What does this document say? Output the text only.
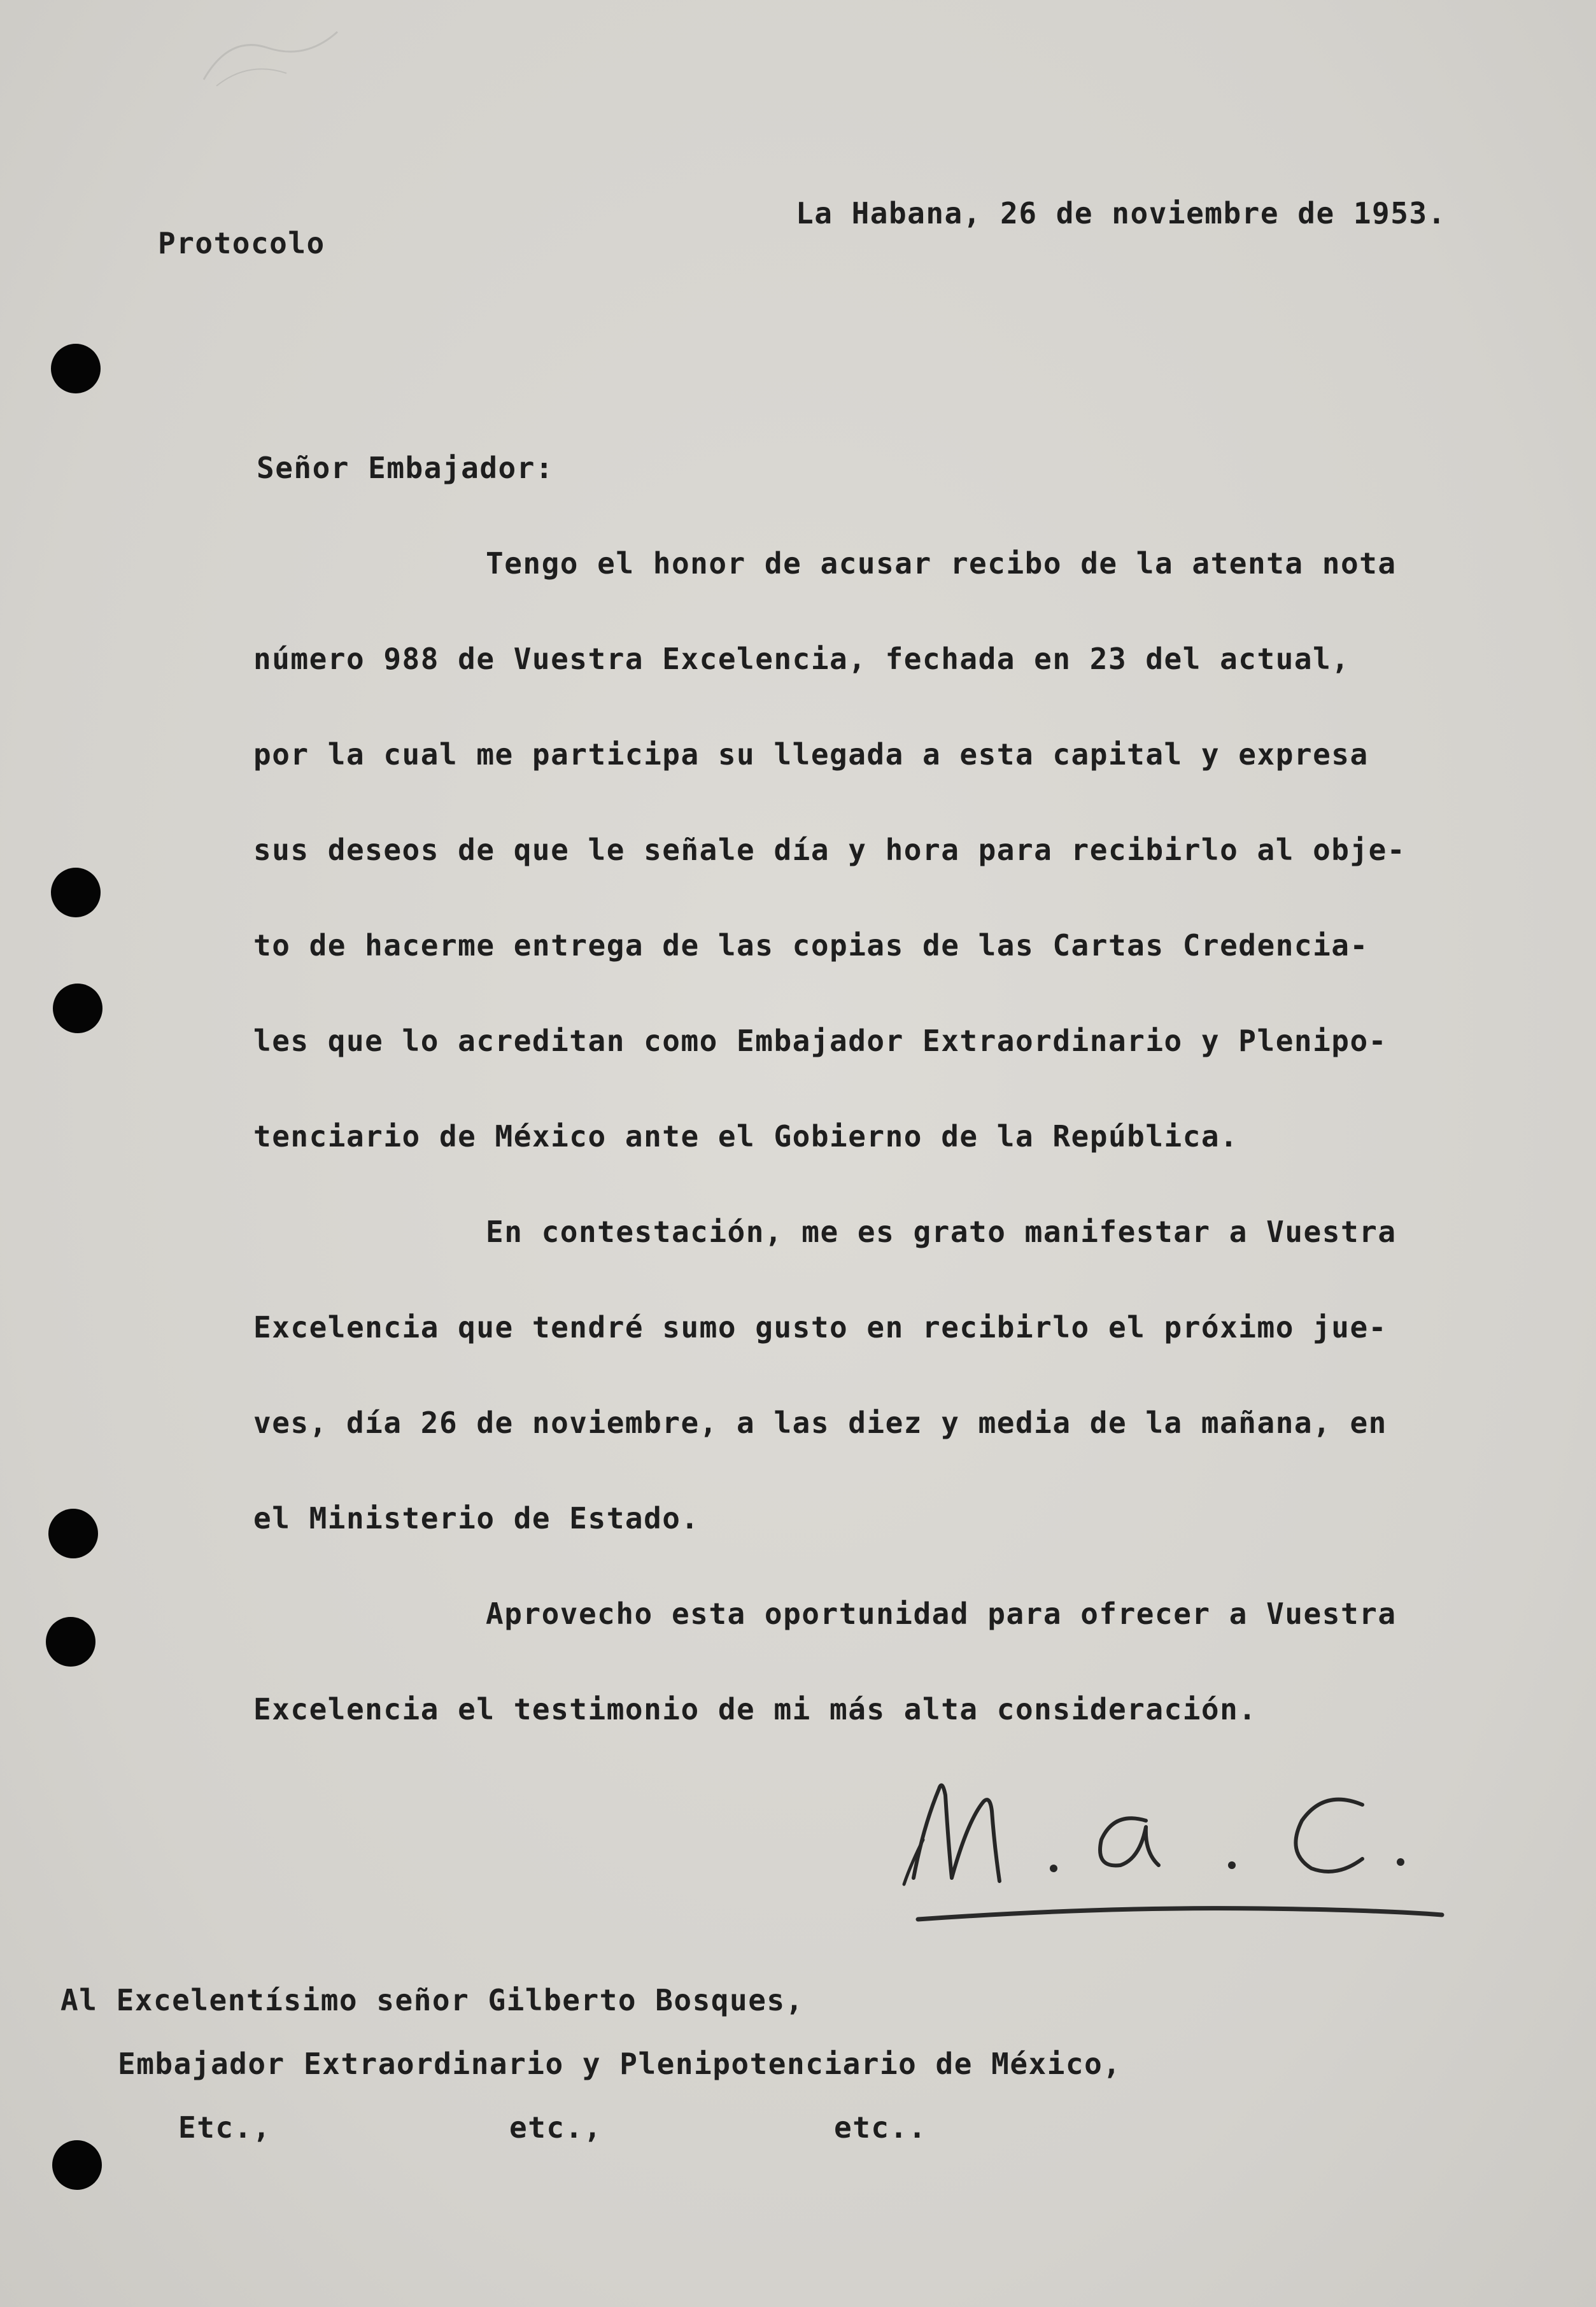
Protocolo
La Habana, 26 de noviembre de 1953.
Señor Embajador:
Tengo el honor de acusar recibo de la atenta nota
número 988 de Vuestra Excelencia, fechada en 23 del actual,
por la cual me participa su llegada a esta capital y expresa
sus deseos de que le señale día y hora para recibirlo al obje-
to de hacerme entrega de las copias de las Cartas Credencia-
les que lo acreditan como Embajador Extraordinario y Plenipo-
tenciario de México ante el Gobierno de la República.
En contestación, me es grato manifestar a Vuestra
Excelencia que tendré sumo gusto en recibirlo el próximo jue-
ves, día 26 de noviembre, a las diez y media de la mañana, en
el Ministerio de Estado.
Aprovecho esta oportunidad para ofrecer a Vuestra
Excelencia el testimonio de mi más alta consideración.
Al Excelentísimo señor Gilberto Bosques,
Embajador Extraordinario y Plenipotenciario de México,
Etc.,	etc.,	etc..
